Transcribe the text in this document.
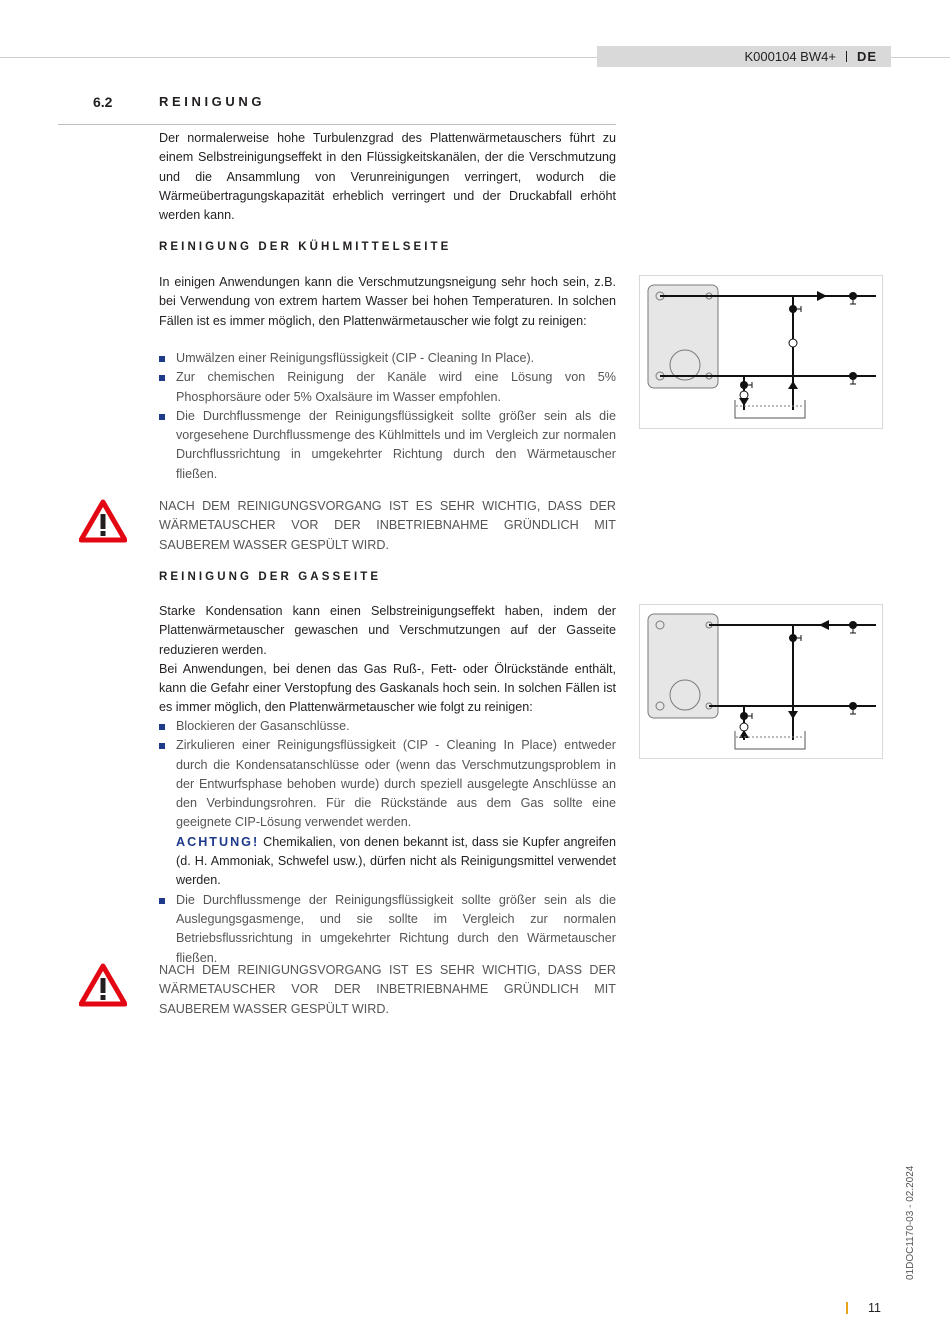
K000104 BW4+ DE
6.2	REINIGUNG
Der normalerweise hohe Turbulenzgrad des Plattenwärmetauschers führt zu einem Selbstreinigungseffekt in den Flüssigkeitskanälen, der die Verschmutzung und die Ansammlung von Verunreinigungen verringert, wodurch die Wärmeübertragungskapazität erheblich verringert und der Druckabfall erhöht werden kann.
REINIGUNG DER KÜHLMITTELSEITE
In einigen Anwendungen kann die Verschmutzungsneigung sehr hoch sein, z.B. bei Verwendung von extrem hartem Wasser bei hohen Temperaturen. In solchen Fällen ist es immer möglich, den Plattenwärmetauscher wie folgt zu reinigen:
Umwälzen einer Reinigungsflüssigkeit (CIP - Cleaning In Place).
Zur chemischen Reinigung der Kanäle wird eine Lösung von 5% Phosphorsäure oder 5% Oxalsäure im Wasser empfohlen.
Die Durchflussmenge der Reinigungsflüssigkeit sollte größer sein als die vorgesehene Durchflussmenge des Kühlmittels und im Vergleich zur normalen Durchflussrichtung in umgekehrter Richtung durch den Wärmetauscher fließen.
NACH DEM REINIGUNGSVORGANG IST ES SEHR WICHTIG, DASS DER WÄRMETAUSCHER VOR DER INBETRIEBNAHME GRÜNDLICH MIT SAUBEREM WASSER GESPÜLT WIRD.
REINIGUNG DER GASSEITE

Starke Kondensation kann einen Selbstreinigungseffekt haben, indem der Plattenwärmetauscher gewaschen und Verschmutzungen auf der Gasseite reduzieren werden.

Bei Anwendungen, bei denen das Gas Ruß-, Fett- oder Ölrückstände enthält, kann die Gefahr einer Verstopfung des Gaskanals hoch sein. In solchen Fällen ist es immer möglich, den Plattenwärmetauscher wie folgt zu reinigen:

Blockieren der Gasanschlüsse.
Zirkulieren einer Reinigungsflüssigkeit (CIP - Cleaning In Place) entweder durch die Kondensatanschlüsse oder (wenn das Verschmutzungsproblem in der Entwurfsphase behoben wurde) durch speziell ausgelegte Anschlüsse an den Verbindungsrohren. Für die Rückstände aus dem Gas sollte eine geeignete CIP-Lösung verwendet werden.
ACHTUNG! Chemikalien, von denen bekannt ist, dass sie Kupfer angreifen (d. H. Ammoniak, Schwefel usw.), dürfen nicht als Reinigungsmittel verwendet werden.
Die Durchflussmenge der Reinigungsflüssigkeit sollte größer sein als die Auslegungsgasmenge, und sie sollte im Vergleich zur normalen Betriebsflussrichtung in umgekehrter Richtung durch den Wärmetauscher fließen.
NACH DEM REINIGUNGSVORGANG IST ES SEHR WICHTIG, DASS DER WÄRMETAUSCHER VOR DER INBETRIEBNAHME GRÜNDLICH MIT SAUBEREM WASSER GESPÜLT WIRD.
01DOC1170-03 - 02.2024
11
